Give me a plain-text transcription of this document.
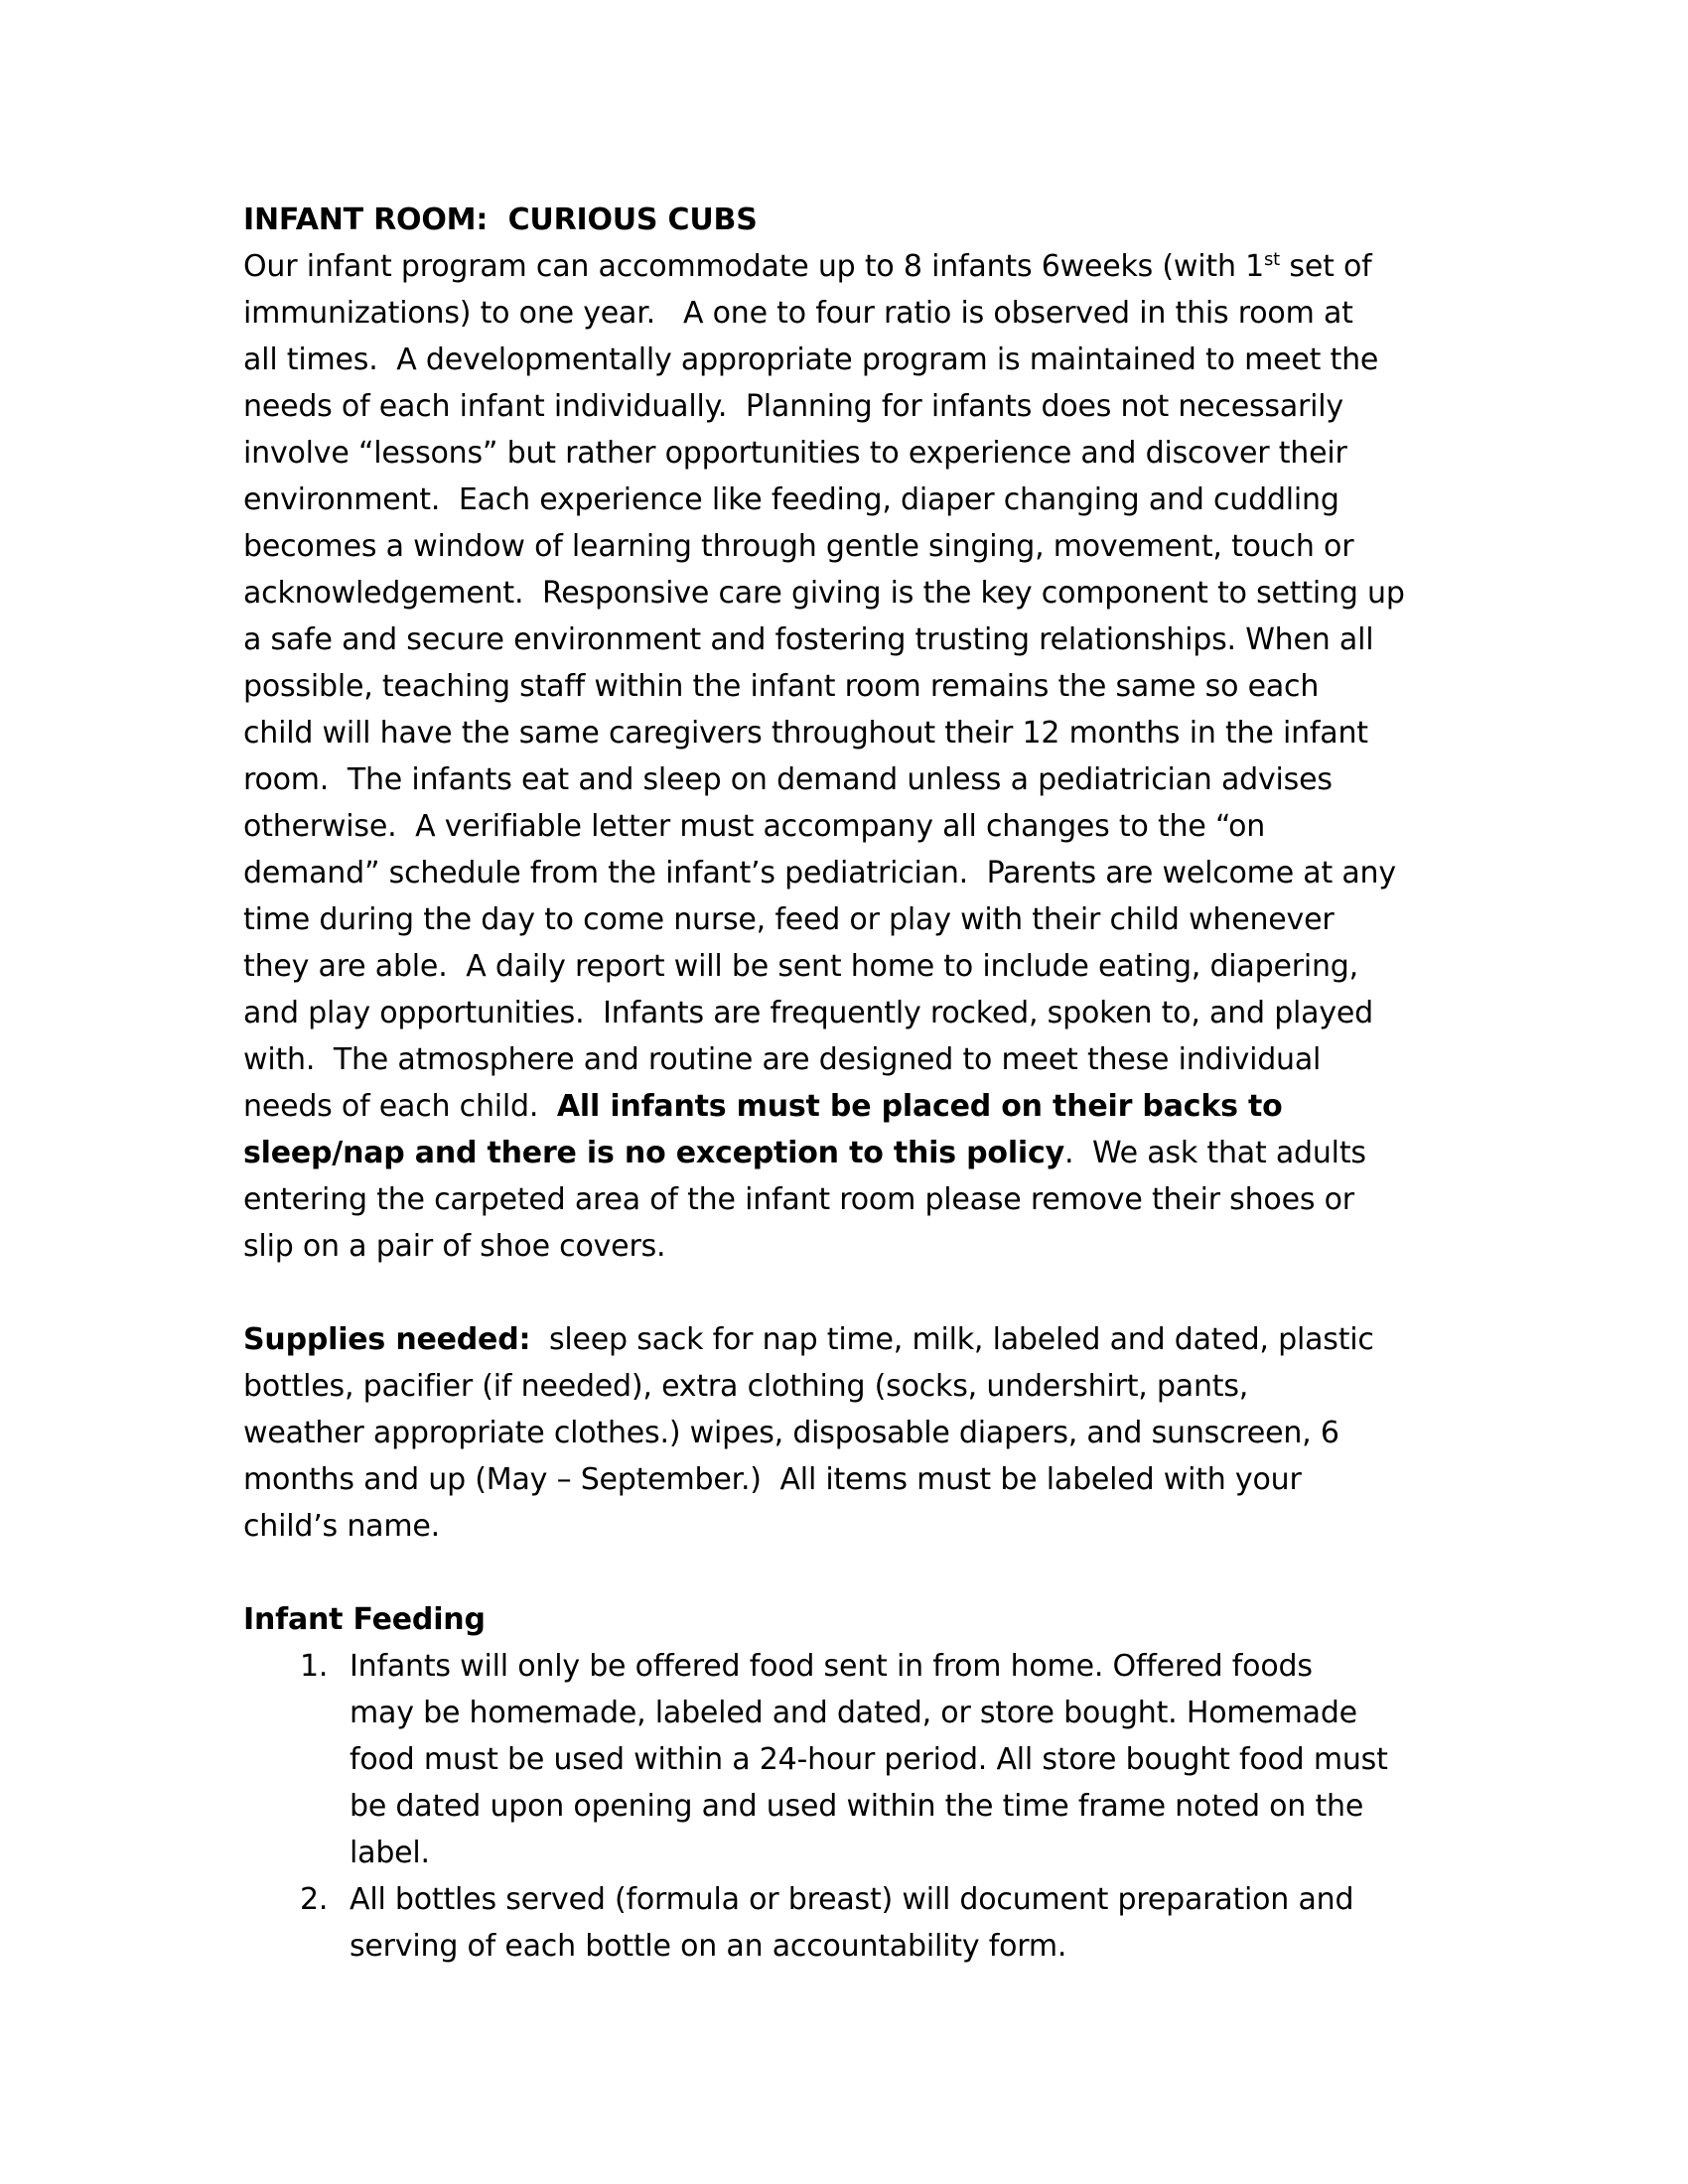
INFANT ROOM:  CURIOUS CUBS
Our infant program can accommodate up to 8 infants 6weeks (with 1st set of
immunizations) to one year.   A one to four ratio is observed in this room at
all times.  A developmentally appropriate program is maintained to meet the
needs of each infant individually.  Planning for infants does not necessarily
involve “lessons” but rather opportunities to experience and discover their
environment.  Each experience like feeding, diaper changing and cuddling
becomes a window of learning through gentle singing, movement, touch or
acknowledgement.  Responsive care giving is the key component to setting up
a safe and secure environment and fostering trusting relationships. When all
possible, teaching staff within the infant room remains the same so each
child will have the same caregivers throughout their 12 months in the infant
room.  The infants eat and sleep on demand unless a pediatrician advises
otherwise.  A verifiable letter must accompany all changes to the “on
demand” schedule from the infant’s pediatrician.  Parents are welcome at any
time during the day to come nurse, feed or play with their child whenever
they are able.  A daily report will be sent home to include eating, diapering,
and play opportunities.  Infants are frequently rocked, spoken to, and played
with.  The atmosphere and routine are designed to meet these individual
needs of each child.  All infants must be placed on their backs to
sleep/nap and there is no exception to this policy.  We ask that adults
entering the carpeted area of the infant room please remove their shoes or
slip on a pair of shoe covers.

Supplies needed:  sleep sack for nap time, milk, labeled and dated, plastic
bottles, pacifier (if needed), extra clothing (socks, undershirt, pants,
weather appropriate clothes.) wipes, disposable diapers, and sunscreen, 6
months and up (May – September.)  All items must be labeled with your
child’s name.

Infant Feeding
1. Infants will only be offered food sent in from home. Offered foods
may be homemade, labeled and dated, or store bought. Homemade
food must be used within a 24-hour period. All store bought food must
be dated upon opening and used within the time frame noted on the
label.
2. All bottles served (formula or breast) will document preparation and
serving of each bottle on an accountability form.
